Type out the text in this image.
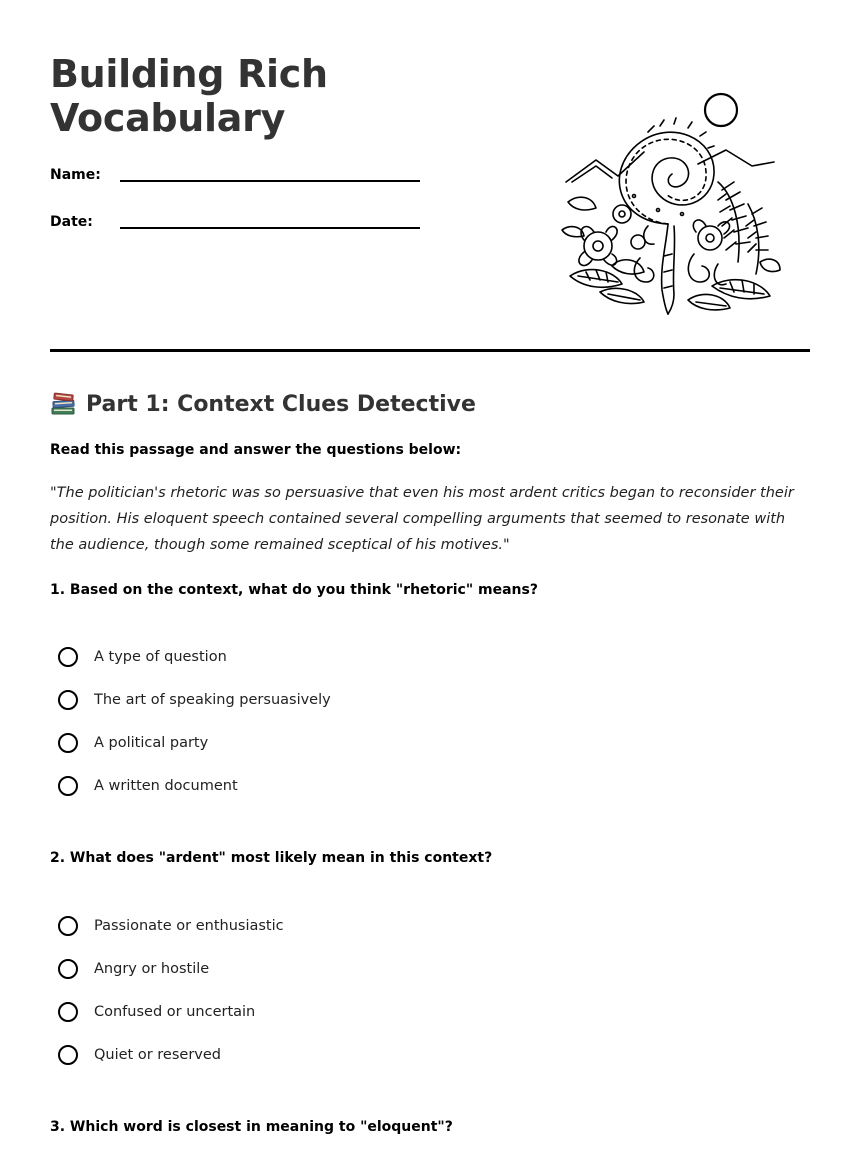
Building Rich Vocabulary
Name:
Date:
Part 1: Context Clues Detective

Read this passage and answer the questions below:

"The politician's rhetoric was so persuasive that even his most ardent critics began to reconsider their position. His eloquent speech contained several compelling arguments that seemed to resonate with the audience, though some remained sceptical of his motives."

1. Based on the context, what do you think "rhetoric" means?

A type of question
The art of speaking persuasively
A political party
A written document

2. What does "ardent" most likely mean in this context?

Passionate or enthusiastic
Angry or hostile
Confused or uncertain
Quiet or reserved

3. Which word is closest in meaning to "eloquent"?
